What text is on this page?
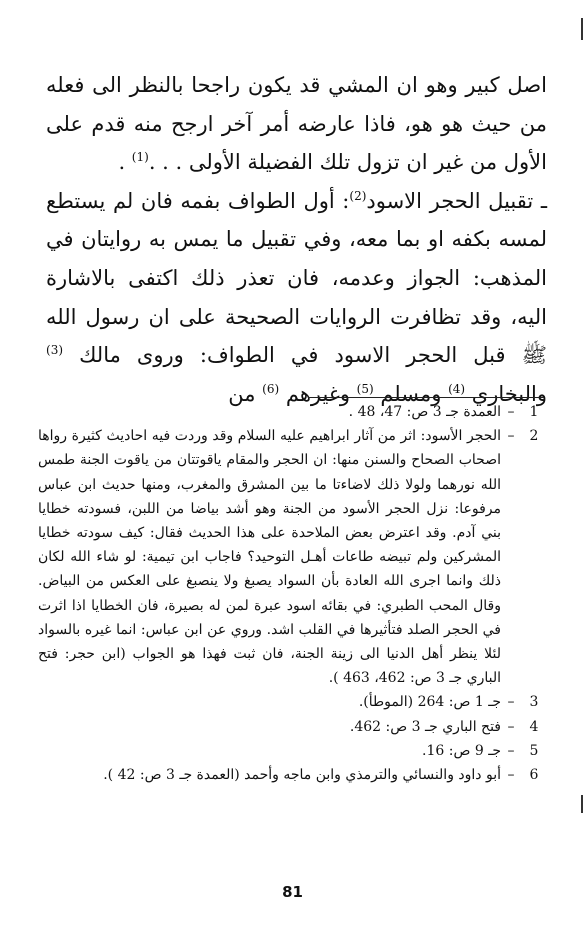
اصل كبير وهو ان المشي قد يكون راجحا بالنظر الى فعله من حيث هو هو، فاذا عارضه أمر آخر ارجح منه قدم على الأول من غير ان تزول تلك الفضيلة الأولى . . .$^{(1)}$ .

ـ تقبيل الحجر الاسود$^{(2)}$: أول الطواف بفمه فان لم يستطع لمسه بكفه او بما معه، وفي تقبيل ما يمس به روايتان في المذهب: الجواز وعدمه، فان تعذر ذلك اكتفى بالاشارة اليه، وقد تظافرت الروايات الصحيحة على ان رسول الله ﷺ قبل الحجر الاسود في الطواف: وروى مالك $^{(3)}$ والبخاري $^{(4)}$ ومسلم $^{(5)}$ وغيرهم $^{(6)}$ من

1
–
العمدة جـ 3 ص: 47، 48 .
2
–
الحجر الأسود: اثر من آثار ابراهيم عليه السلام وقد وردت فيه احاديث كثيرة رواها اصحاب الصحاح والسنن منها: ان الحجر والمقام ياقوتتان من ياقوت الجنة طمس الله نورهما ولولا ذلك لاضاءتا ما بين المشرق والمغرب، ومنها حديث ابن عباس مرفوعا: نزل الحجر الأسود من الجنة وهو أشد بياضا من اللبن، فسودته خطايا بني آدم. وقد اعترض بعض الملاحدة على هذا الحديث فقال: كيف سودته خطايا المشركين ولم تبيضه طاعات أهـل التوحيد؟ فاجاب ابن تيمية: لو شاء الله لكان ذلك وانما اجرى الله العادة بأن السواد يصبغ ولا ينصبغ على العكس من البياض. وقال المحب الطبري: في بقائه اسود عبرة لمن له بصيرة، فان الخطايا اذا اثرت في الحجر الصلد فتأثيرها في القلب اشد. وروي عن ابن عباس: انما غيره بالسواد لئلا ينظر أهل الدنيا الى زينة الجنة، فان ثبت فهذا هو الجواب (ابن حجر: فتح الباري جـ 3 ص: 462، 463 ).
3
–
جـ 1 ص: 264 (الموطأ).
4
–
فتح الباري جـ 3 ص: 462.
5
–
جـ 9 ص: 16.
6
–
أبو داود والنسائي والترمذي وابن ماجه وأحمد (العمدة جـ 3 ص: 42 ).
81
